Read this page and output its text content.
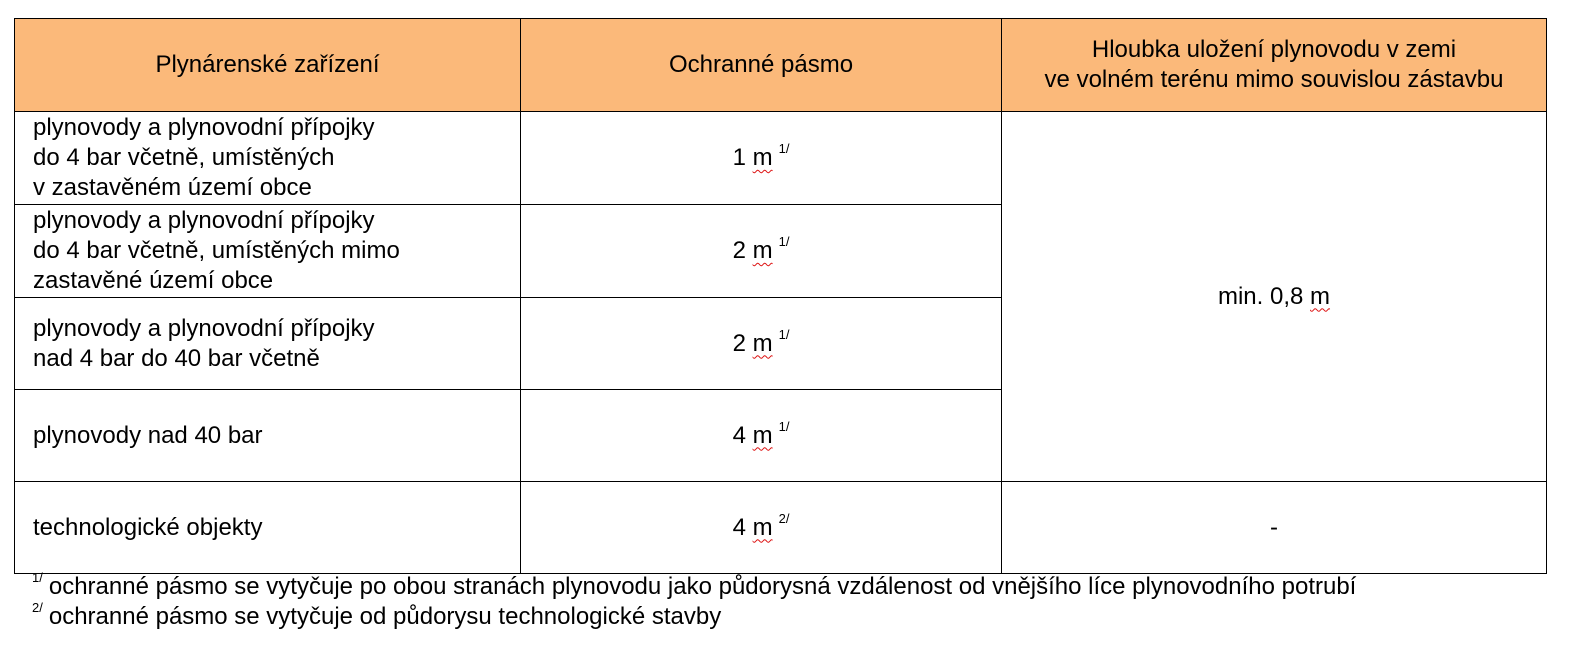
Plynárenské zařízení	Ochranné pásmo	Hloubka uložení plynovodu v zemi
ve volném terénu mimo souvislou zástavbu

plynovody a plynovodní přípojky
do 4 bar včetně, umístěných
v zastavěném území obce	1 m $^{1/}$	min. 0,8 m
plynovody a plynovodní přípojky
do 4 bar včetně, umístěných mimo
zastavěné území obce	2 m $^{1/}$
plynovody a plynovodní přípojky
nad 4 bar do 40 bar včetně	2 m $^{1/}$
plynovody nad 40 bar	4 m $^{1/}$
technologické objekty	4 m $^{2/}$	-
$^{1/}$ ochranné pásmo se vytyčuje po obou stranách plynovodu jako půdorysná vzdálenost od vnějšího líce plynovodního potrubí
$^{2/}$ ochranné pásmo se vytyčuje od půdorysu technologické stavby
